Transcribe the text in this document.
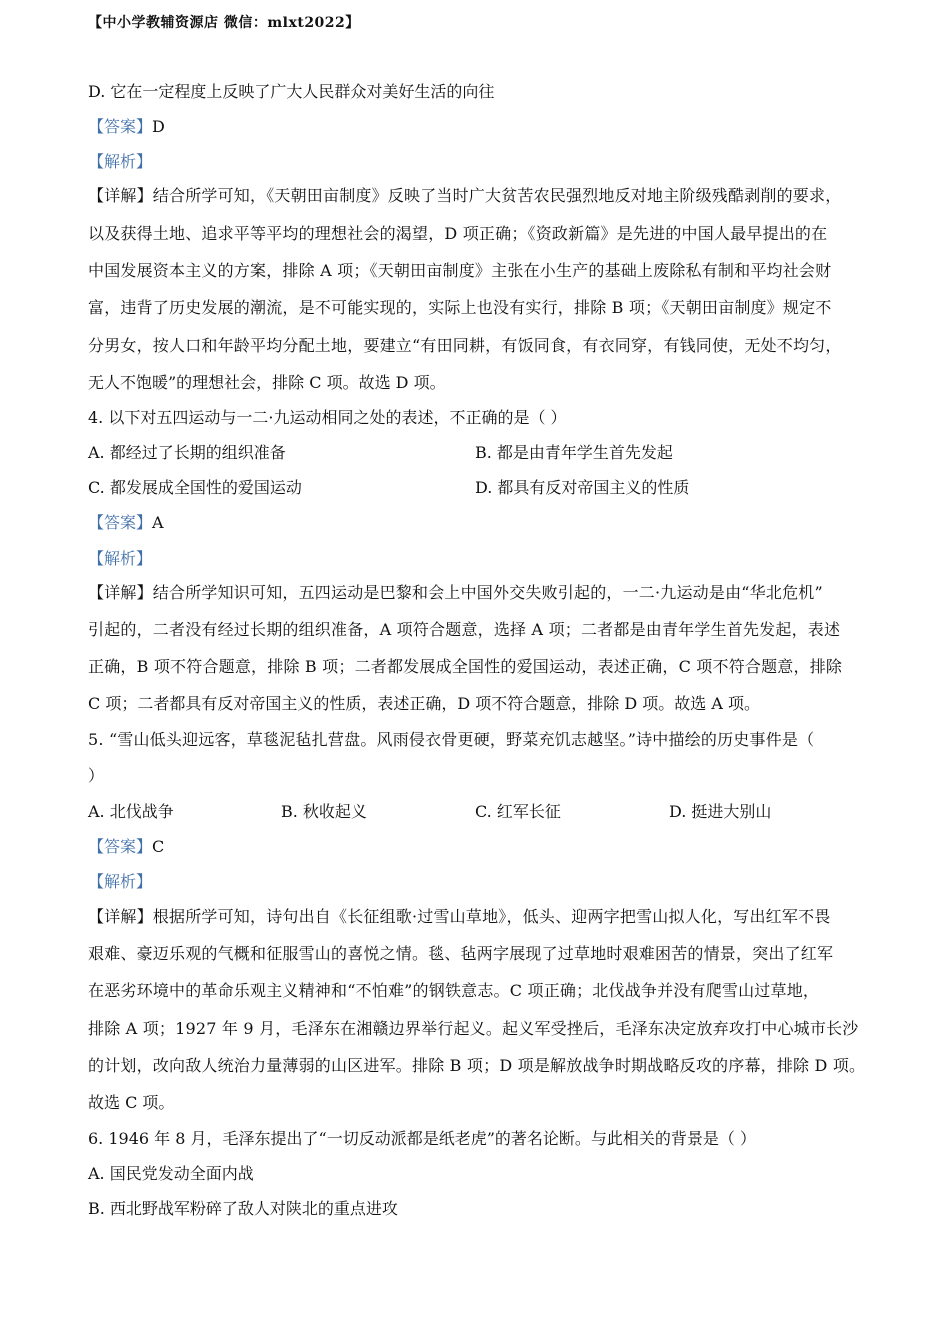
【中小学教辅资源店 微信：mlxt2022】
D. 它在一定程度上反映了广大人民群众对美好生活的向往
【答案】D
【解析】
【详解】结合所学可知，《天朝田亩制度》反映了当时广大贫苦农民强烈地反对地主阶级残酷剥削的要求，
以及获得土地、追求平等平均的理想社会的渴望，D 项正确；《资政新篇》是先进的中国人最早提出的在
中国发展资本主义的方案，排除 A 项；《天朝田亩制度》主张在小生产的基础上废除私有制和平均社会财
富，违背了历史发展的潮流，是不可能实现的，实际上也没有实行，排除 B 项；《天朝田亩制度》规定不
分男女，按人口和年龄平均分配土地，要建立“有田同耕，有饭同食，有衣同穿，有钱同使，无处不均匀，
无人不饱暖”的理想社会，排除 C 项。故选 D 项。
4. 以下对五四运动与一二·九运动相同之处的表述，不正确的是（ ）
A. 都经过了长期的组织准备	B. 都是由青年学生首先发起
C. 都发展成全国性的爱国运动	D. 都具有反对帝国主义的性质
【答案】A
【解析】
【详解】结合所学知识可知，五四运动是巴黎和会上中国外交失败引起的，一二·九运动是由“华北危机”
引起的，二者没有经过长期的组织准备，A 项符合题意，选择 A 项；二者都是由青年学生首先发起，表述
正确，B 项不符合题意，排除 B 项；二者都发展成全国性的爱国运动，表述正确，C 项不符合题意，排除
C 项；二者都具有反对帝国主义的性质，表述正确，D 项不符合题意，排除 D 项。故选 A 项。
5. “雪山低头迎远客，草毯泥毡扎营盘。风雨侵衣骨更硬，野菜充饥志越坚。”诗中描绘的历史事件是（
）
A. 北伐战争	B. 秋收起义	C. 红军长征	D. 挺进大别山
【答案】C
【解析】
【详解】根据所学可知，诗句出自《长征组歌·过雪山草地》，低头、迎两字把雪山拟人化，写出红军不畏
艰难、豪迈乐观的气概和征服雪山的喜悦之情。毯、毡两字展现了过草地时艰难困苦的情景，突出了红军
在恶劣环境中的革命乐观主义精神和“不怕难”的钢铁意志。C 项正确；北伐战争并没有爬雪山过草地，
排除 A 项；1927 年 9 月，毛泽东在湘赣边界举行起义。起义军受挫后，毛泽东决定放弃攻打中心城市长沙
的计划，改向敌人统治力量薄弱的山区进军。排除 B 项；D 项是解放战争时期战略反攻的序幕，排除 D 项。
故选 C 项。
6. 1946 年 8 月，毛泽东提出了“一切反动派都是纸老虎”的著名论断。与此相关的背景是（ ）
A. 国民党发动全面内战
B. 西北野战军粉碎了敌人对陕北的重点进攻
